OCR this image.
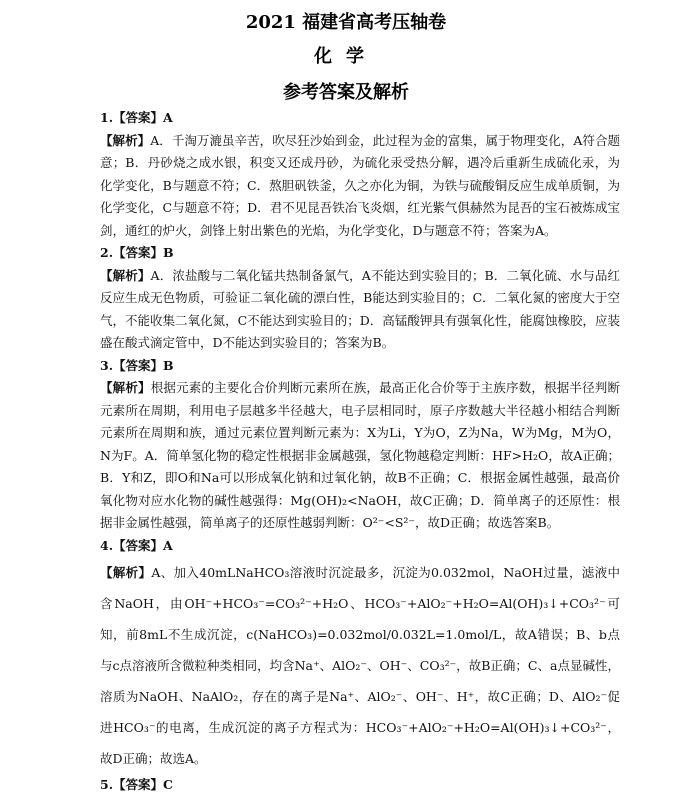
2021 福建省高考压轴卷
化学
参考答案及解析
1.【答案】A
【解析】A．千淘万漉虽辛苦，吹尽狂沙始到金，此过程为金的富集，属于物理变化，A符合题意；B．丹砂烧之成水银，积变又还成丹砂，为硫化汞受热分解，遇冷后重新生成硫化汞，为化学变化，B与题意不符；C．熬胆矾铁釜，久之亦化为铜，为铁与硫酸铜反应生成单质铜，为化学变化，C与题意不符；D．君不见昆吾铁冶飞炎烟，红光紫气俱赫然为昆吾的宝石被炼成宝剑，通红的炉火，剑锋上射出紫色的光焰，为化学变化，D与题意不符；答案为A。
2.【答案】B
【解析】A．浓盐酸与二氧化锰共热制备氯气，A不能达到实验目的；B．二氧化硫、水与品红反应生成无色物质，可验证二氧化硫的漂白性，B能达到实验目的；C．二氧化氮的密度大于空气，不能收集二氧化氮，C不能达到实验目的；D．高锰酸钾具有强氧化性，能腐蚀橡胶，应装盛在酸式滴定管中，D不能达到实验目的；答案为B。
3.【答案】B
【解析】根据元素的主要化合价判断元素所在族，最高正化合价等于主族序数，根据半径判断元素所在周期，利用电子层越多半径越大，电子层相同时，原子序数越大半径越小相结合判断元素所在周期和族，通过元素位置判断元素为：X为Li，Y为O，Z为Na，W为Mg，M为O，N为F。A．简单氢化物的稳定性根据非金属越强，氢化物越稳定判断：HF>H₂O，故A正确；B．Y和Z，即O和Na可以形成氧化钠和过氧化钠，故B不正确；C．根据金属性越强，最高价氧化物对应水化物的碱性越强得：Mg(OH)₂<NaOH，故C正确；D．简单离子的还原性：根据非金属性越强，简单离子的还原性越弱判断：O²⁻<S²⁻，故D正确；故选答案B。
4.【答案】A
【解析】A、加入40mLNaHCO₃溶液时沉淀最多，沉淀为0.032mol，NaOH过量，滤液中含NaOH，由OH⁻+HCO₃⁻=CO₃²⁻+H₂O、HCO₃⁻+AlO₂⁻+H₂O=Al(OH)₃↓+CO₃²⁻可知，前8mL不生成沉淀，c(NaHCO₃)=0.032mol/0.032L=1.0mol/L，故A错误；B、b点与c点溶液所含微粒种类相同，均含Na⁺、AlO₂⁻、OH⁻、CO₃²⁻，故B正确；C、a点显碱性，溶质为NaOH、NaAlO₂，存在的离子是Na⁺、AlO₂⁻、OH⁻、H⁺，故C正确；D、AlO₂⁻促进HCO₃⁻的电离，生成沉淀的离子方程式为：HCO₃⁻+AlO₂⁻+H₂O=Al(OH)₃↓+CO₃²⁻，故D正确；故选A。
5.【答案】C
